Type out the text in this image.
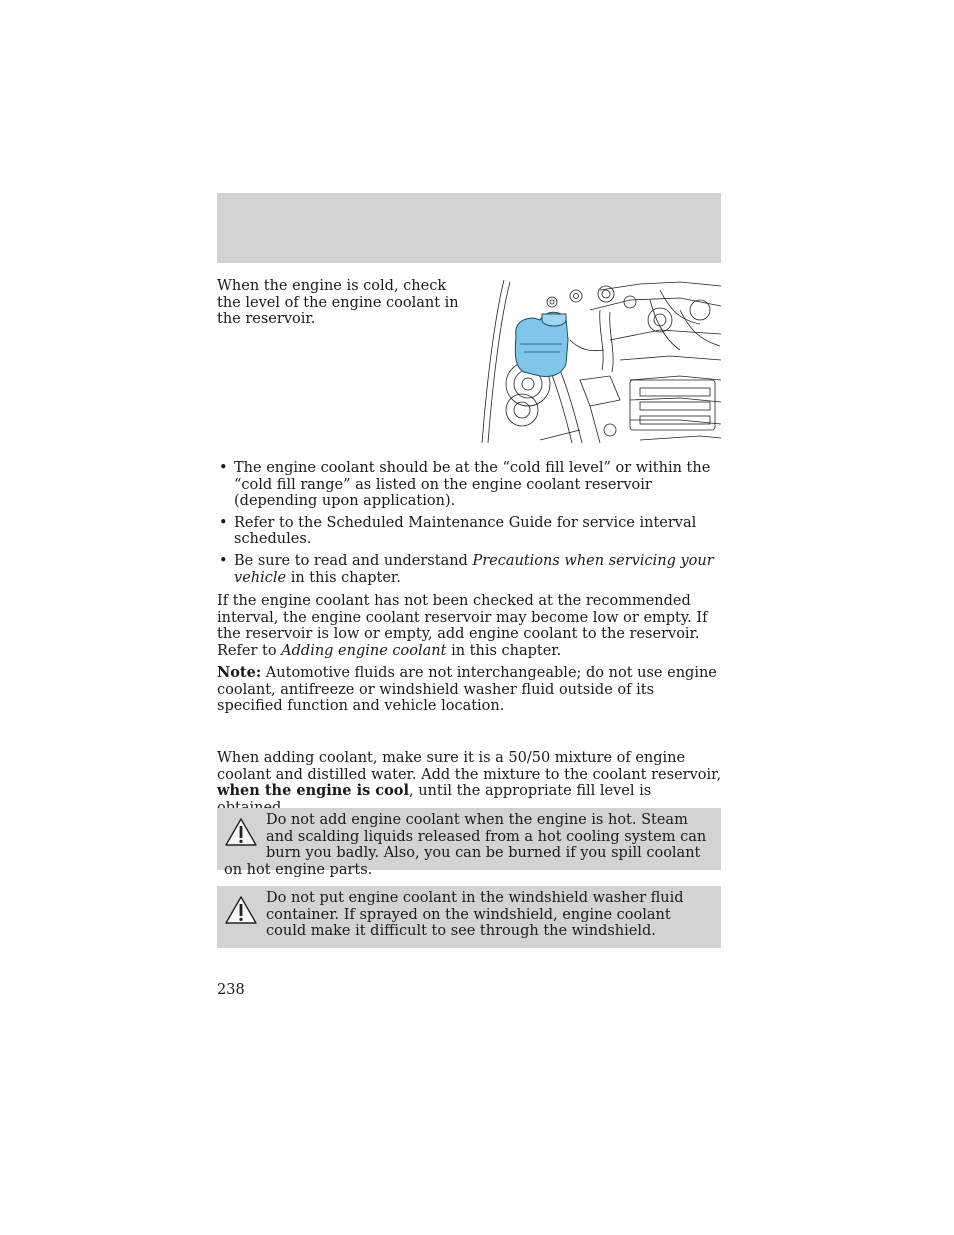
When the engine is cold, check the level of the engine coolant in the reservoir.
• The engine coolant should be at the “cold fill level” or within the “cold fill range” as listed on the engine coolant reservoir (depending upon application).
• Refer to the Scheduled Maintenance Guide for service interval schedules.
• Be sure to read and understand Precautions when servicing your vehicle in this chapter.

If the engine coolant has not been checked at the recommended interval, the engine coolant reservoir may become low or empty. If the reservoir is low or empty, add engine coolant to the reservoir. Refer to Adding engine coolant in this chapter.

Note: Automotive fluids are not interchangeable; do not use engine coolant, antifreeze or windshield washer fluid outside of its specified function and vehicle location.

When adding coolant, make sure it is a 50/50 mixture of engine coolant and distilled water. Add the mixture to the coolant reservoir, when the engine is cool, until the appropriate fill level is

Do not add engine coolant when the engine is hot. Steam and scalding liquids released from a hot cooling system can burn you badly. Also, you can be burned if you spill coolant on hot engine parts.
Do not put engine coolant in the windshield washer fluid container. If sprayed on the windshield, engine coolant could make it difficult to see through the windshield.
238
